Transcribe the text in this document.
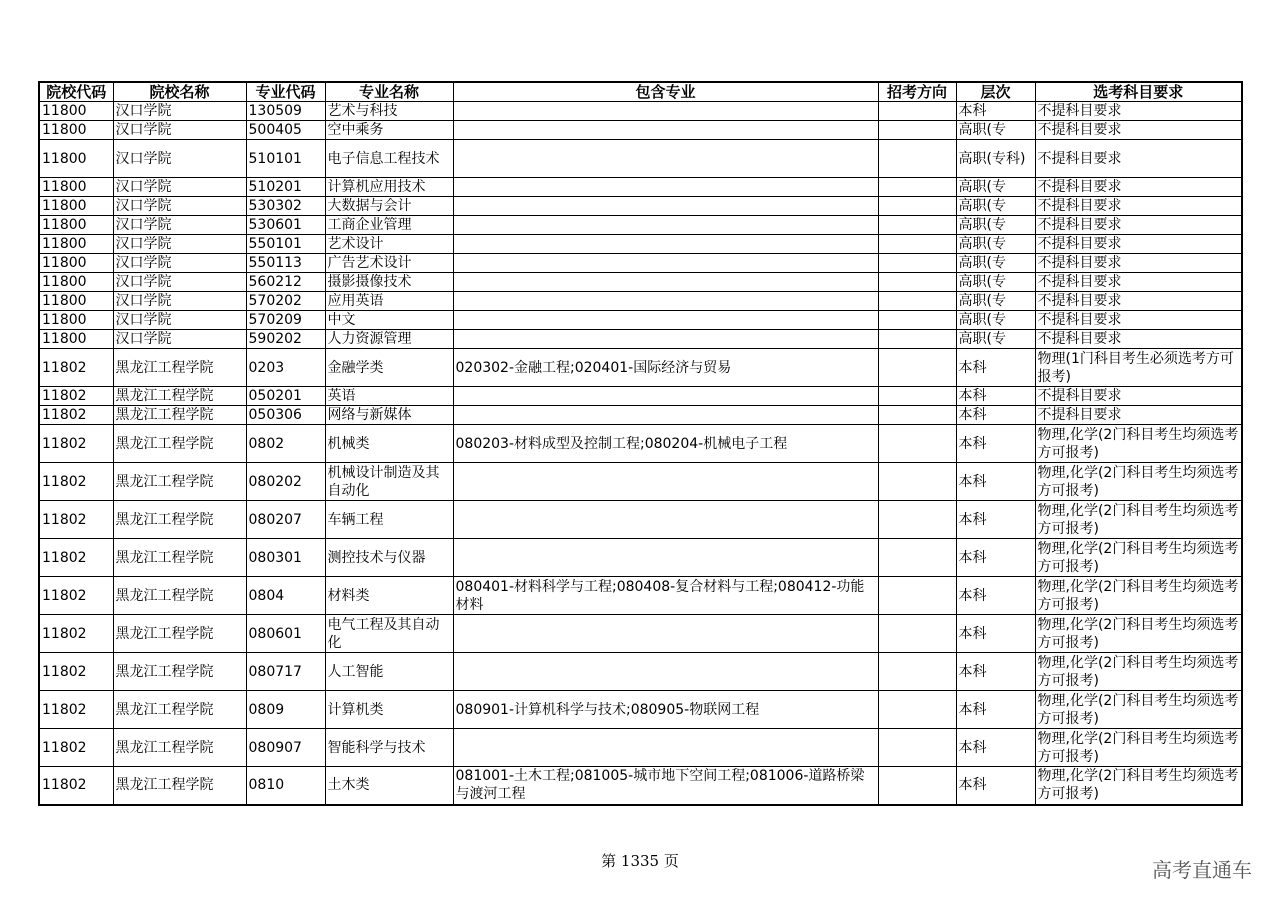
院校代码	院校名称	专业代码	专业名称	包含专业	招考方向	层次	选考科目要求
11800	汉口学院	130509	艺术与科技			本科	不提科目要求
11800	汉口学院	500405	空中乘务			高职(专	不提科目要求
11800	汉口学院	510101	电子信息工程技术			高职(专科)	不提科目要求
11800	汉口学院	510201	计算机应用技术			高职(专	不提科目要求
11800	汉口学院	530302	大数据与会计			高职(专	不提科目要求
11800	汉口学院	530601	工商企业管理			高职(专	不提科目要求
11800	汉口学院	550101	艺术设计			高职(专	不提科目要求
11800	汉口学院	550113	广告艺术设计			高职(专	不提科目要求
11800	汉口学院	560212	摄影摄像技术			高职(专	不提科目要求
11800	汉口学院	570202	应用英语			高职(专	不提科目要求
11800	汉口学院	570209	中文			高职(专	不提科目要求
11800	汉口学院	590202	人力资源管理			高职(专	不提科目要求
11802	黑龙江工程学院	0203	金融学类	020302-金融工程;020401-国际经济与贸易		本科	物理(1门科目考生必须选考方可报考)
11802	黑龙江工程学院	050201	英语			本科	不提科目要求
11802	黑龙江工程学院	050306	网络与新媒体			本科	不提科目要求
11802	黑龙江工程学院	0802	机械类	080203-材料成型及控制工程;080204-机械电子工程		本科	物理,化学(2门科目考生均须选考方可报考)
11802	黑龙江工程学院	080202	机械设计制造及其自动化			本科	物理,化学(2门科目考生均须选考方可报考)
11802	黑龙江工程学院	080207	车辆工程			本科	物理,化学(2门科目考生均须选考方可报考)
11802	黑龙江工程学院	080301	测控技术与仪器			本科	物理,化学(2门科目考生均须选考方可报考)
11802	黑龙江工程学院	0804	材料类	080401-材料科学与工程;080408-复合材料与工程;080412-功能材料		本科	物理,化学(2门科目考生均须选考方可报考)
11802	黑龙江工程学院	080601	电气工程及其自动化			本科	物理,化学(2门科目考生均须选考方可报考)
11802	黑龙江工程学院	080717	人工智能			本科	物理,化学(2门科目考生均须选考方可报考)
11802	黑龙江工程学院	0809	计算机类	080901-计算机科学与技术;080905-物联网工程		本科	物理,化学(2门科目考生均须选考方可报考)
11802	黑龙江工程学院	080907	智能科学与技术			本科	物理,化学(2门科目考生均须选考方可报考)
11802	黑龙江工程学院	0810	土木类	081001-土木工程;081005-城市地下空间工程;081006-道路桥梁与渡河工程		本科	物理,化学(2门科目考生均须选考方可报考)
第 1335 页	高考直通车
